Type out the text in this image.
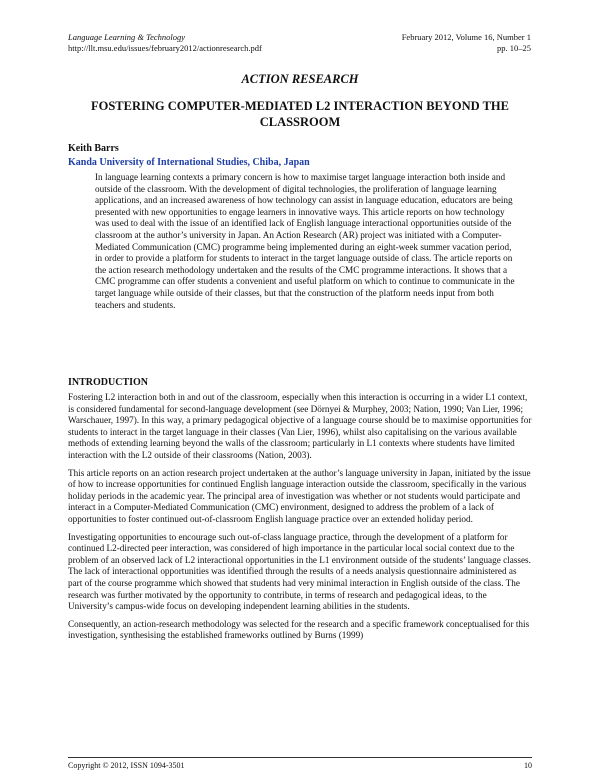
Language Learning & Technology
http://llt.msu.edu/issues/february2012/actionresearch.pdf
February 2012, Volume 16, Number 1
pp. 10–25
ACTION RESEARCH
FOSTERING COMPUTER-MEDIATED L2 INTERACTION BEYOND THE CLASSROOM
Keith Barrs
Kanda University of International Studies, Chiba, Japan

In language learning contexts a primary concern is how to maximise target language interaction both inside and outside of the classroom. With the development of digital technologies, the proliferation of language learning applications, and an increased awareness of how technology can assist in language education, educators are being presented with new opportunities to engage learners in innovative ways. This article reports on how technology was used to deal with the issue of an identified lack of English language interactional opportunities outside of the classroom at the author’s university in Japan. An Action Research (AR) project was initiated with a Computer-Mediated Communication (CMC) programme being implemented during an eight-week summer vacation period, in order to provide a platform for students to interact in the target language outside of class. The article reports on the action research methodology undertaken and the results of the CMC programme interactions. It shows that a CMC programme can offer students a convenient and useful platform on which to continue to communicate in the target language while outside of their classes, but that the construction of the platform needs input from both teachers and students.

INTRODUCTION

Fostering L2 interaction both in and out of the classroom, especially when this interaction is occurring in a wider L1 context, is considered fundamental for second-language development (see Dörnyei & Murphey, 2003; Nation, 1990; Van Lier, 1996; Warschauer, 1997). In this way, a primary pedagogical objective of a language course should be to maximise opportunities for students to interact in the target language in their classes (Van Lier, 1996), whilst also capitalising on the various available methods of extending learning beyond the walls of the classroom; particularly in L1 contexts where students have limited interaction with the L2 outside of their classrooms (Nation, 2003).

This article reports on an action research project undertaken at the author’s language university in Japan, initiated by the issue of how to increase opportunities for continued English language interaction outside the classroom, specifically in the various holiday periods in the academic year. The principal area of investigation was whether or not students would participate and interact in a Computer-Mediated Communication (CMC) environment, designed to address the problem of a lack of opportunities to foster continued out-of-classroom English language practice over an extended holiday period.

Investigating opportunities to encourage such out-of-class language practice, through the development of a platform for continued L2-directed peer interaction, was considered of high importance in the particular local social context due to the problem of an observed lack of L2 interactional opportunities in the L1 environment outside of the students’ language classes. The lack of interactional opportunities was identified through the results of a needs analysis questionnaire administered as part of the course programme which showed that students had very minimal interaction in English outside of the class. The research was further motivated by the opportunity to contribute, in terms of research and pedagogical ideas, to the University’s campus-wide focus on developing independent learning abilities in the students.

Consequently, an action-research methodology was selected for the research and a specific framework conceptualised for this investigation, synthesising the established frameworks outlined by Burns (1999)

Copyright © 2012, ISSN 1094-3501	10
